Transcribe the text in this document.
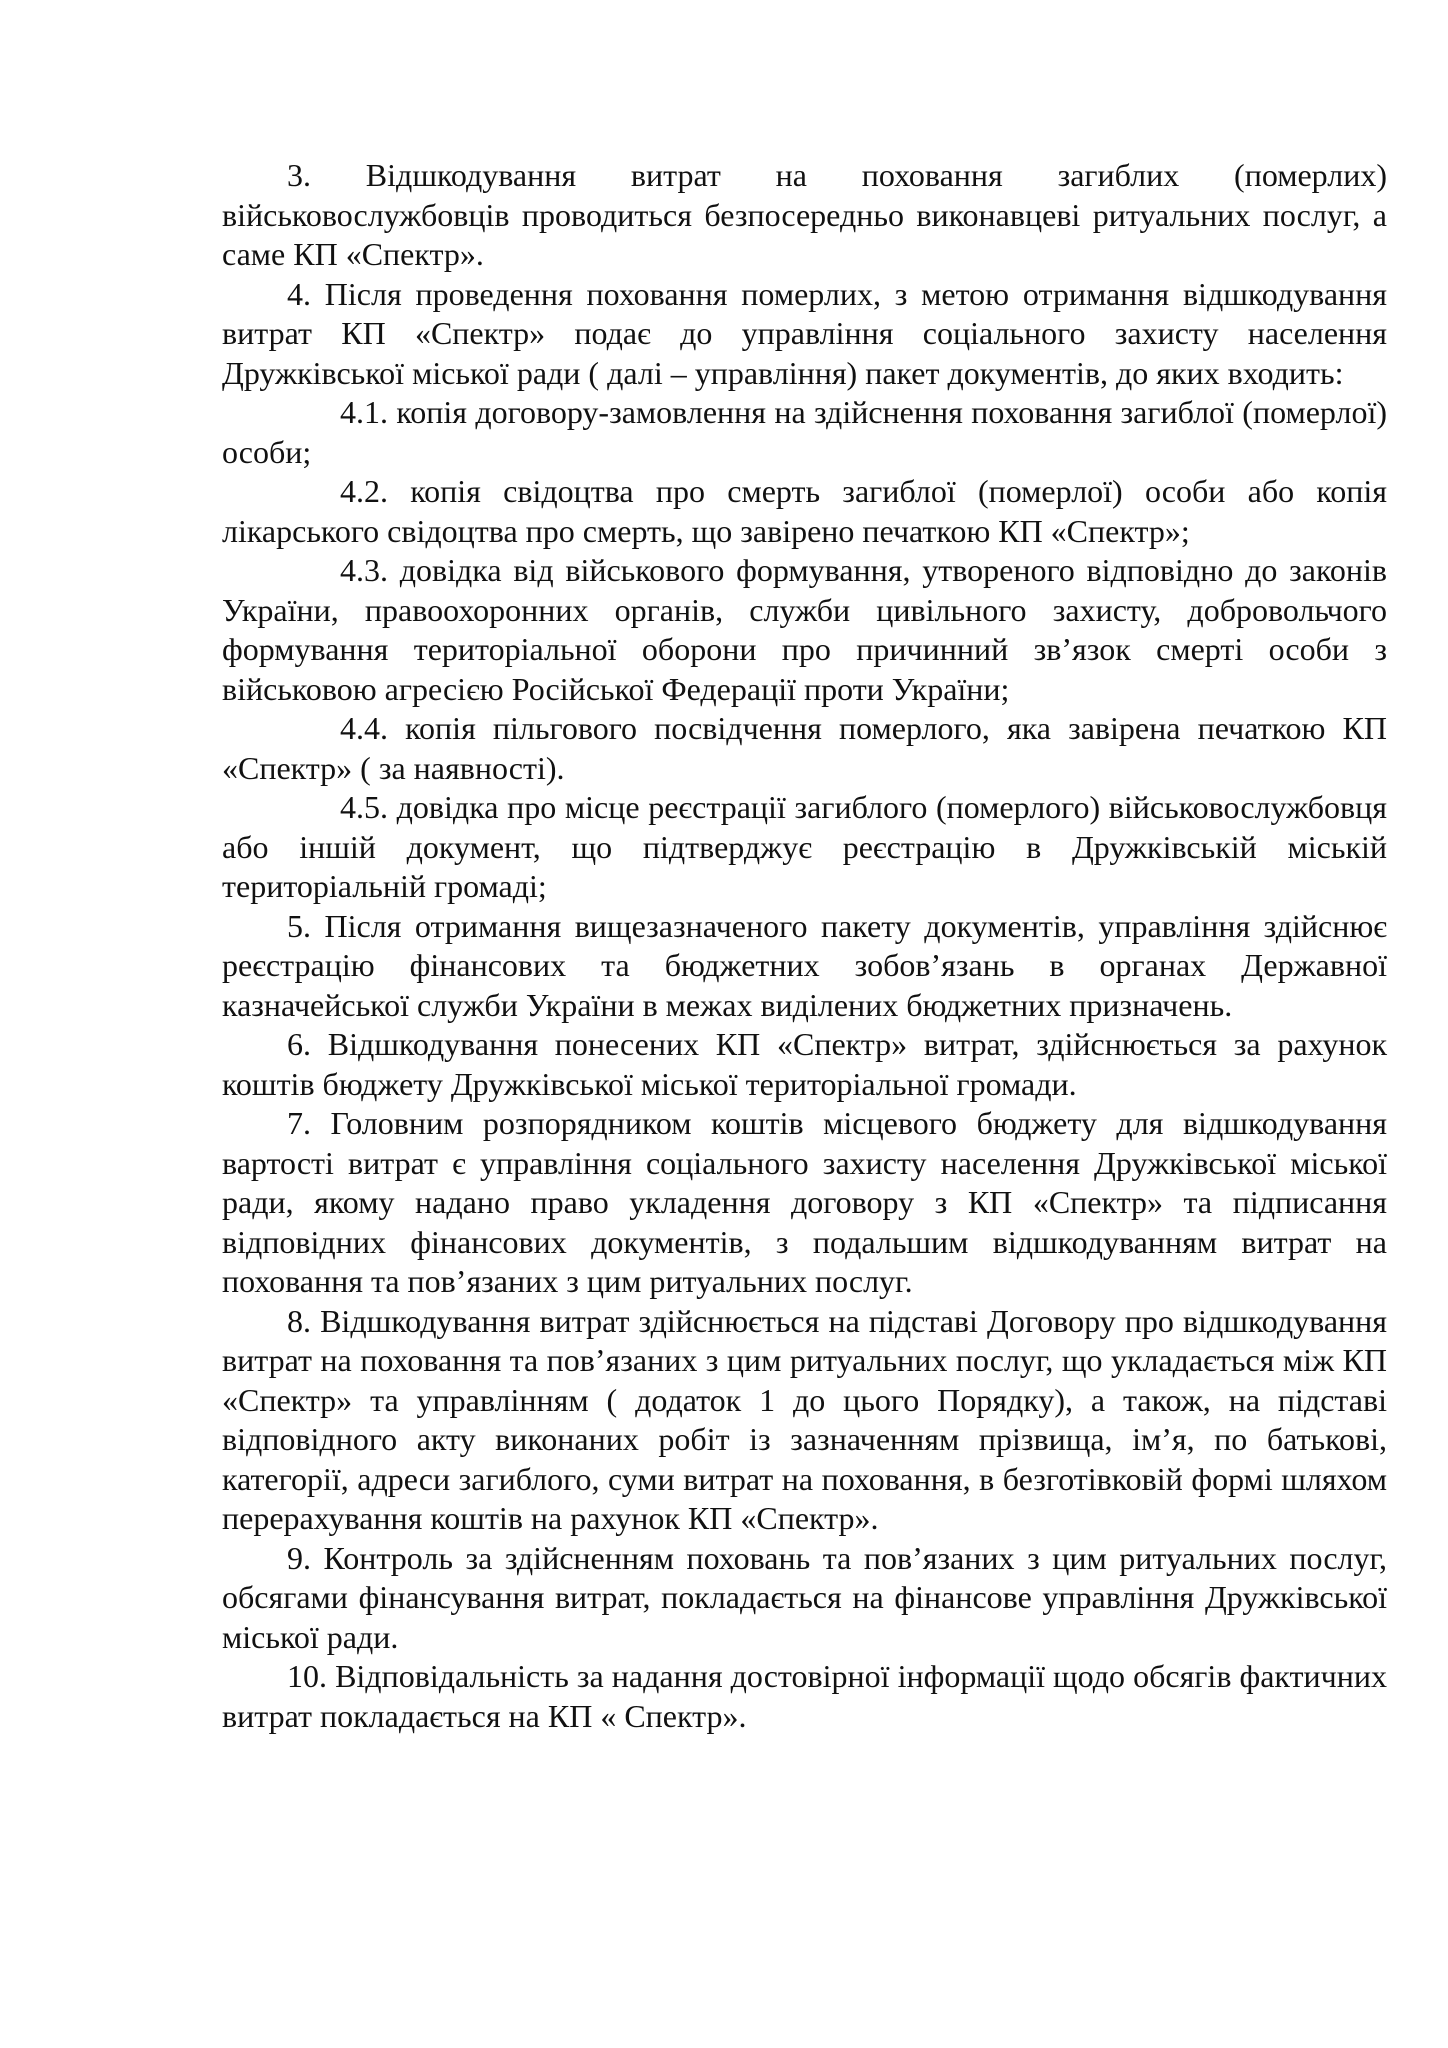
3. Відшкодування витрат на поховання загиблих (померлих) військовослужбовців проводиться безпосередньо виконавцеві ритуальних послуг, а саме КП «Спектр».

4. Після проведення поховання померлих, з метою отримання відшкодування витрат КП «Спектр» подає до управління соціального захисту населення Дружківської міської ради ( далі – управління) пакет документів, до яких входить:

4.1. копія договору-замовлення на здійснення поховання загиблої (померлої) особи;

4.2. копія свідоцтва про смерть загиблої (померлої) особи або копія лікарського свідоцтва про смерть, що завірено печаткою КП «Спектр»;

4.3. довідка від військового формування, утвореного відповідно до законів України, правоохоронних органів, служби цивільного захисту, добровольчого формування територіальної оборони про причинний зв’язок смерті особи з військовою агресією Російської Федерації проти України;

4.4. копія пільгового посвідчення померлого, яка завірена печаткою КП «Спектр» ( за наявності).

4.5. довідка про місце реєстрації загиблого (померлого) військовослужбовця або іншій документ, що підтверджує реєстрацію в Дружківській міській територіальній громаді;

5. Після отримання вищезазначеного пакету документів, управління здійснює реєстрацію фінансових та бюджетних зобов’язань в органах Державної казначейської служби України в межах виділених бюджетних призначень.

6. Відшкодування понесених КП «Спектр» витрат, здійснюється за рахунок коштів бюджету Дружківської міської територіальної громади.

7. Головним розпорядником коштів місцевого бюджету для відшкодування вартості витрат є управління соціального захисту населення Дружківської міської ради, якому надано право укладення договору з КП «Спектр» та підписання відповідних фінансових документів, з подальшим відшкодуванням витрат на поховання та пов’язаних з цим ритуальних послуг.

8. Відшкодування витрат здійснюється на підставі Договору про відшкодування витрат на поховання та пов’язаних з цим ритуальних послуг, що укладається між КП «Спектр» та управлінням ( додаток 1 до цього Порядку), а також, на підставі відповідного акту виконаних робіт із зазначенням прізвища, ім’я, по батькові, категорії, адреси загиблого, суми витрат на поховання, в безготівковій формі шляхом перерахування коштів на рахунок КП «Спектр».

9. Контроль за здійсненням поховань та пов’язаних з цим ритуальних послуг, обсягами фінансування витрат, покладається на фінансове управління Дружківської міської ради.

10. Відповідальність за надання достовірної інформації щодо обсягів фактичних витрат покладається на КП « Спектр».
